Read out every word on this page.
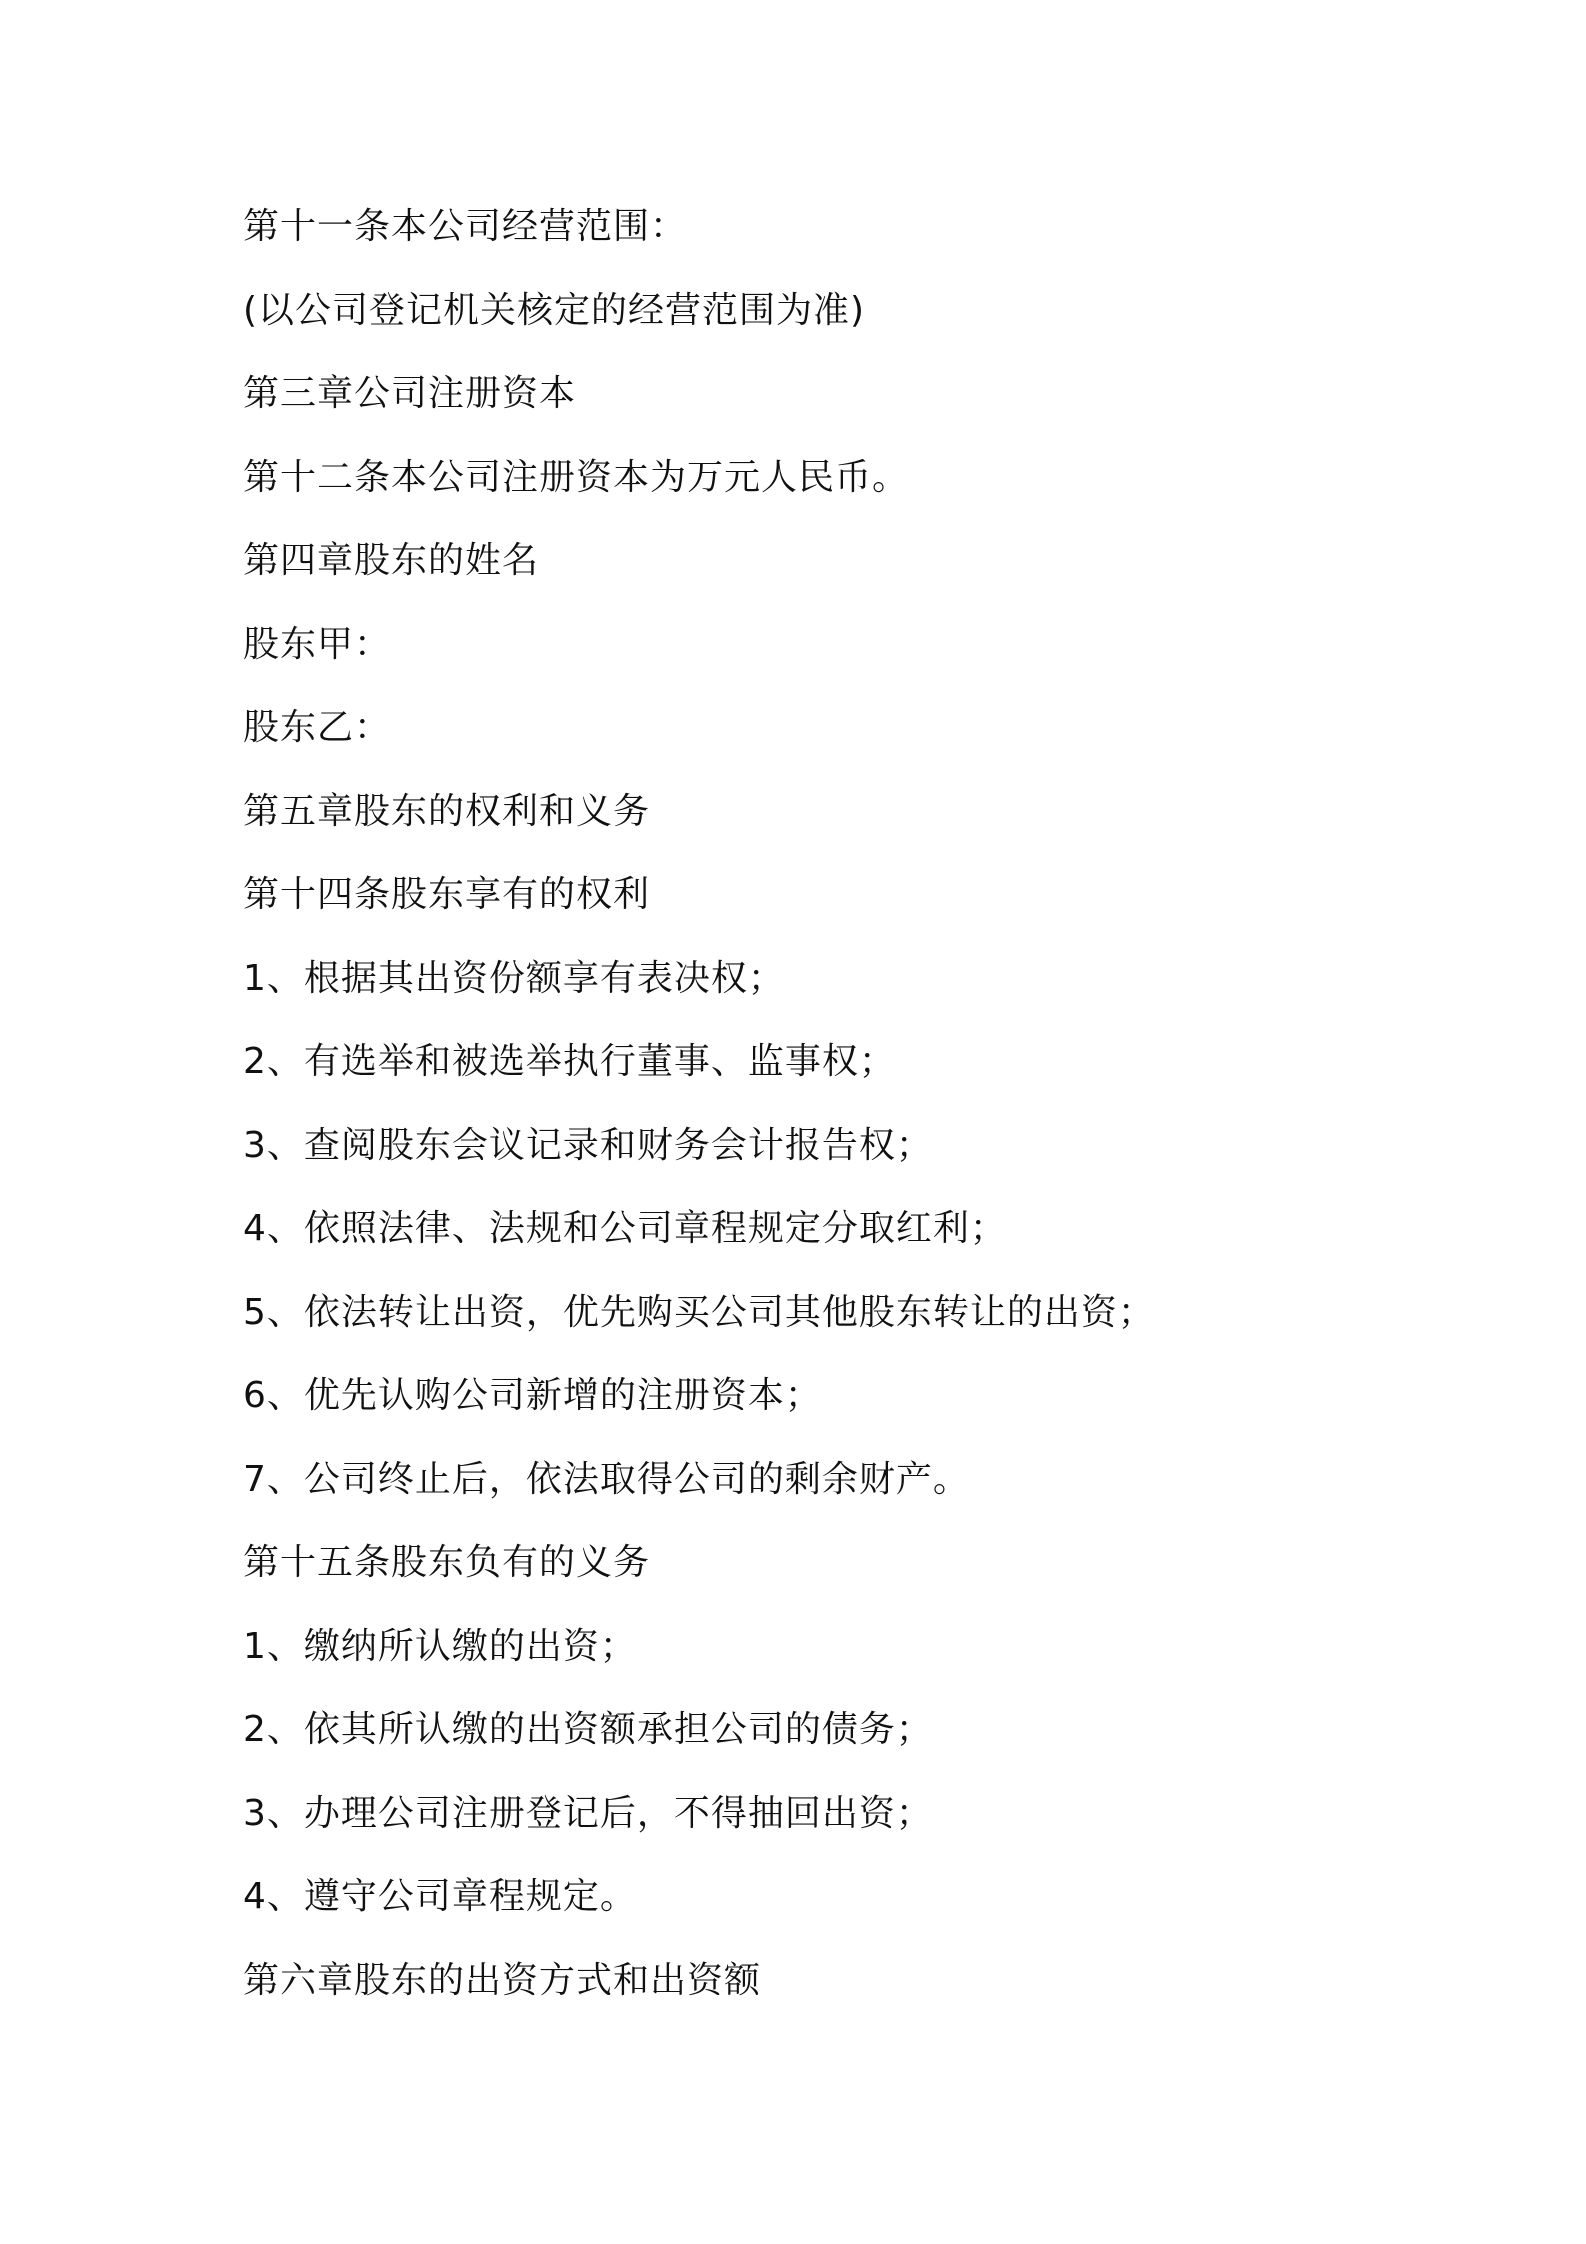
第十一条本公司经营范围：
(以公司登记机关核定的经营范围为准)
第三章公司注册资本
第十二条本公司注册资本为万元人民币。
第四章股东的姓名
股东甲：
股东乙：
第五章股东的权利和义务
第十四条股东享有的权利
1、根据其出资份额享有表决权；
2、有选举和被选举执行董事、监事权；
3、查阅股东会议记录和财务会计报告权；
4、依照法律、法规和公司章程规定分取红利；
5、依法转让出资，优先购买公司其他股东转让的出资；
6、优先认购公司新增的注册资本；
7、公司终止后，依法取得公司的剩余财产。
第十五条股东负有的义务
1、缴纳所认缴的出资；
2、依其所认缴的出资额承担公司的债务；
3、办理公司注册登记后，不得抽回出资；
4、遵守公司章程规定。
第六章股东的出资方式和出资额
